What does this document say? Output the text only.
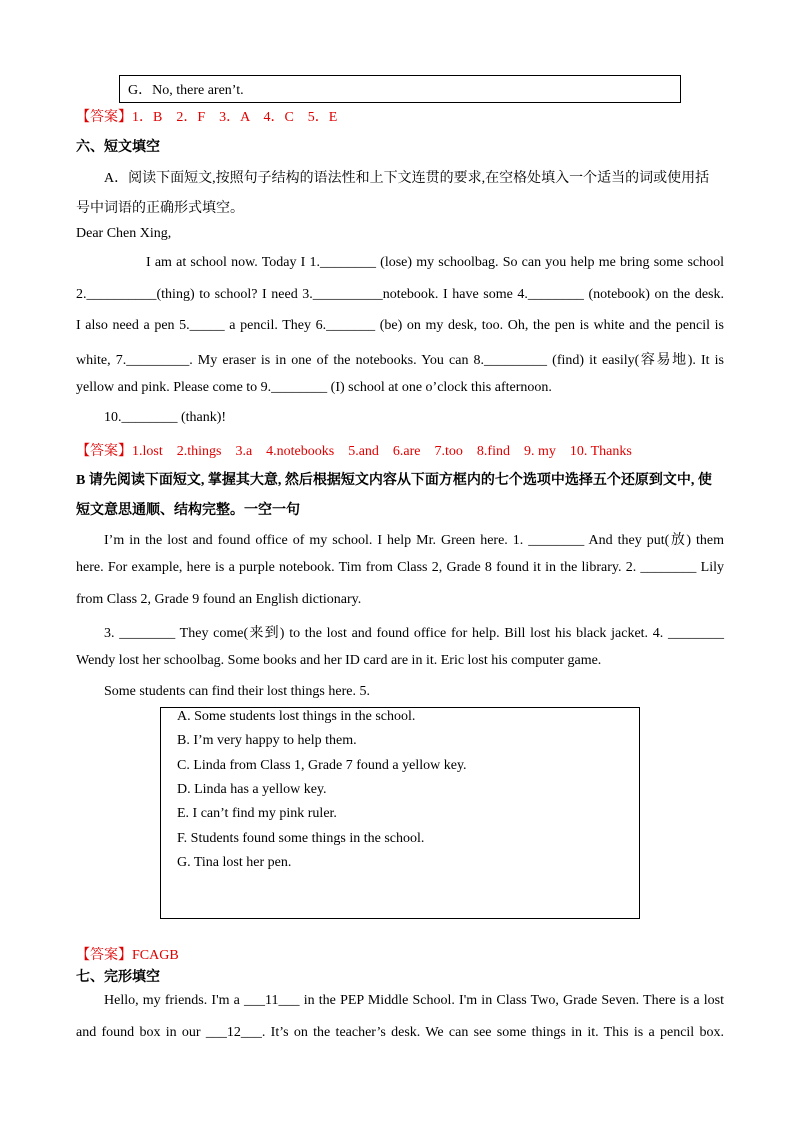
G．No, there aren’t.
【答案】1．B　2．F　3．A　4．C　5．E
六、短文填空
A．阅读下面短文,按照句子结构的语法性和上下文连贯的要求,在空格处填入一个适当的词或使用括
号中词语的正确形式填空。
Dear Chen Xing,
I am at school now. Today I 1.________ (lose) my schoolbag. So can you help me bring some school
2.__________(thing) to school? I need 3.__________notebook. I have some 4.________ (notebook) on the desk.
I also need a pen 5._____ a pencil. They 6._______ (be) on my desk, too. Oh, the pen is white and the pencil is
white, 7._________. My eraser is in one of the notebooks. You can 8._________ (find) it easily(容易地). It is
yellow and pink. Please come to 9.________ (I) school at one o’clock this afternoon.
10.________ (thank)!
【答案】1.lost　2.things　3.a　4.notebooks　5.and　6.are　7.too　8.find　9. my　10. Thanks
B 请先阅读下面短文, 掌握其大意, 然后根据短文内容从下面方框内的七个选项中选择五个还原到文中, 使
短文意思通顺、结构完整。一空一句
I’m in the lost and found office of my school. I help Mr. Green here. 1. ________ And they put(放) them
here. For example, here is a purple notebook. Tim from Class 2, Grade 8 found it in the library. 2. ________ Lily
from Class 2, Grade 9 found an English dictionary.
3. ________ They come(来到) to the lost and found office for help. Bill lost his black jacket. 4. ________
Wendy lost her schoolbag. Some books and her ID card are in it. Eric lost his computer game.
Some students can find their lost things here. 5.
A. Some students lost things in the school.
B. I’m very happy to help them.
C. Linda from Class 1, Grade 7 found a yellow key.
D. Linda has a yellow key.
E. I can’t find my pink ruler.
F. Students found some things in the school.
G. Tina lost her pen.
【答案】FCAGB
七、完形填空
Hello, my friends. I'm a ___11___ in the PEP Middle School. I'm in Class Two, Grade Seven. There is a lost
and found box in our ___12___. It’s on the teacher’s desk. We can see some things in it. This is a pencil box.
